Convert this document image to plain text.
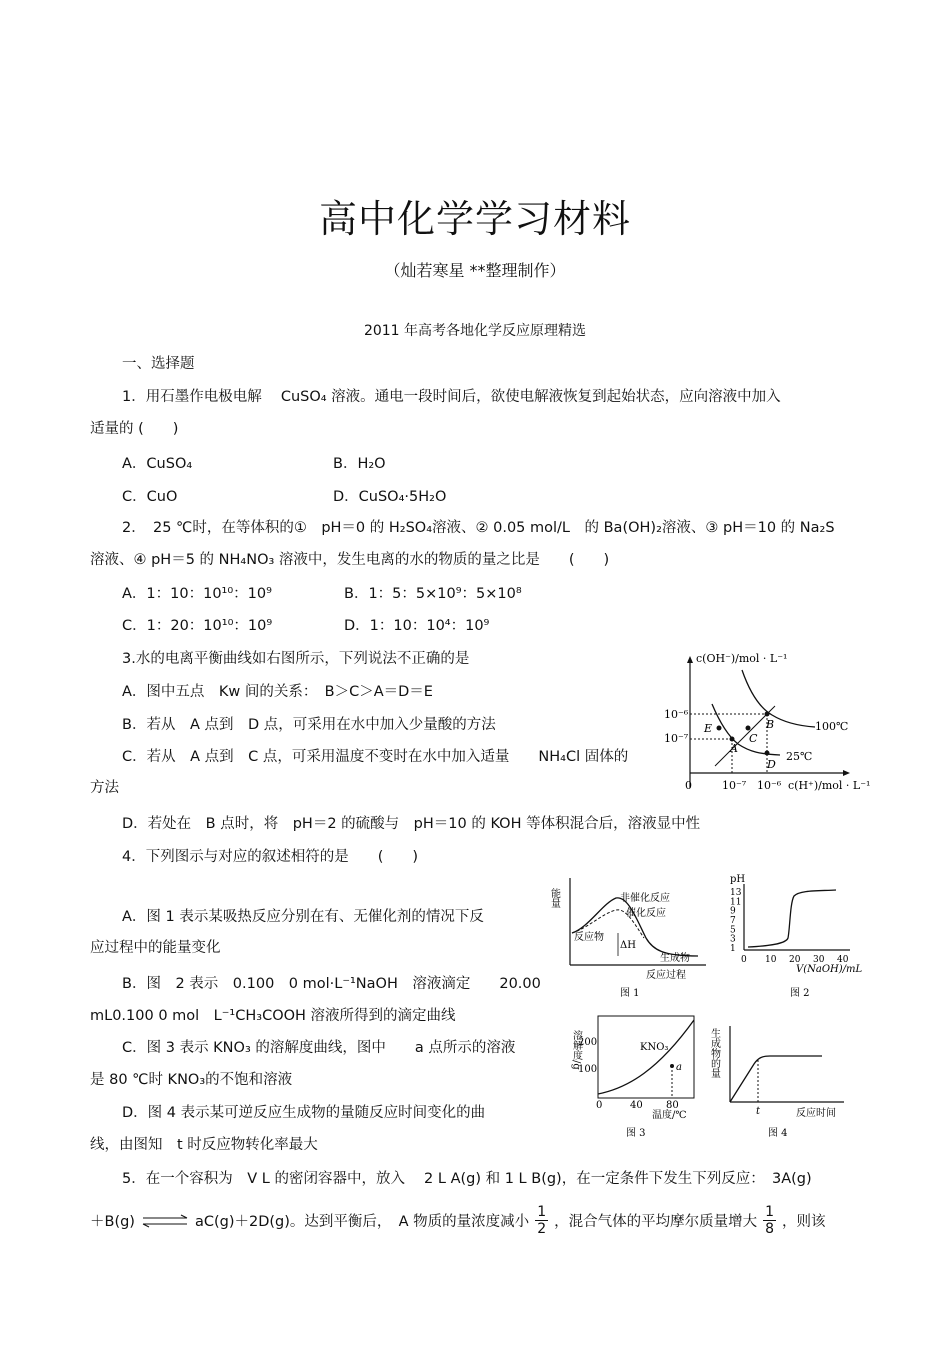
高中化学学习材料
（灿若寒星 **整理制作）
2011 年高考各地化学反应原理精选
一、选择题
1．用石墨作电极电解　 CuSO₄ 溶液。通电一段时间后，欲使电解液恢复到起始状态，应向溶液中加入
适量的 (　　)
A．CuSO₄	B．H₂O
C．CuO	D．CuSO₄·5H₂O
2．　25 ℃时，在等体积的①　pH＝0 的 H₂SO₄溶液、② 0.05 mol/L　的 Ba(OH)₂溶液、③ pH＝10 的 Na₂S
溶液、④ pH＝5 的 NH₄NO₃ 溶液中，发生电离的水的物质的量之比是　　(　　)
A．1：10：10¹⁰：10⁹	B．1：5：5×10⁹：5×10⁸
C．1：20：10¹⁰：10⁹	D．1：10：10⁴：10⁹
3.水的电离平衡曲线如右图所示，下列说法不正确的是
A．图中五点　Kw 间的关系：　B＞C＞A＝D＝E
B．若从　A 点到　D 点，可采用在水中加入少量酸的方法
C．若从　A 点到　C 点，可采用温度不变时在水中加入适量　　NH₄Cl 固体的
方法
D．若处在　B 点时，将　pH＝2 的硫酸与　pH＝10 的 KOH 等体积混合后，溶液显中性
c(OH⁻)/mol · L⁻¹
c(H⁺)/mol · L⁻¹
10⁻⁶
10⁻⁷
0	10⁻⁷ 10⁻⁶
E
A
C
B
D
100℃
25℃
4．下列图示与对应的叙述相符的是　　(　　)
A．图 1 表示某吸热反应分别在有、无催化剂的情况下反
应过程中的能量变化
B．图　2 表示　0.100　0 mol·L⁻¹NaOH　溶液滴定　　20.00
mL0.100 0 mol　L⁻¹CH₃COOH 溶液所得到的滴定曲线
C．图 3 表示 KNO₃ 的溶解度曲线，图中　　a 点所示的溶液
是 80 ℃时 KNO₃的不饱和溶液
D．图 4 表示某可逆反应生成物的量随反应时间变化的曲
线，由图知　t 时反应物转化率最大
能量	非催化反应
催化反应
反应物
ΔH
生成物
反应过程
图 1
pH
13
11
9
7
5
3
1
0 10 20 30 40
V(NaOH)/mL
图 2
溶解度/g
200
100
0	40 80
a
KNO₃
温度/℃
图 3
生成物的量
t	反应时间
图 4
5．在一个容积为　V L 的密闭容器中，放入　 2 L A(g) 和 1 L B(g)，在一定条件下发生下列反应：　3A(g)
＋B(g) ⇌ aC(g)＋2D(g)。达到平衡后，　A 物质的量浓度减小 $\frac{1}{2}$ ，混合气体的平均摩尔质量增大 $\frac{1}{8}$ ，则该
